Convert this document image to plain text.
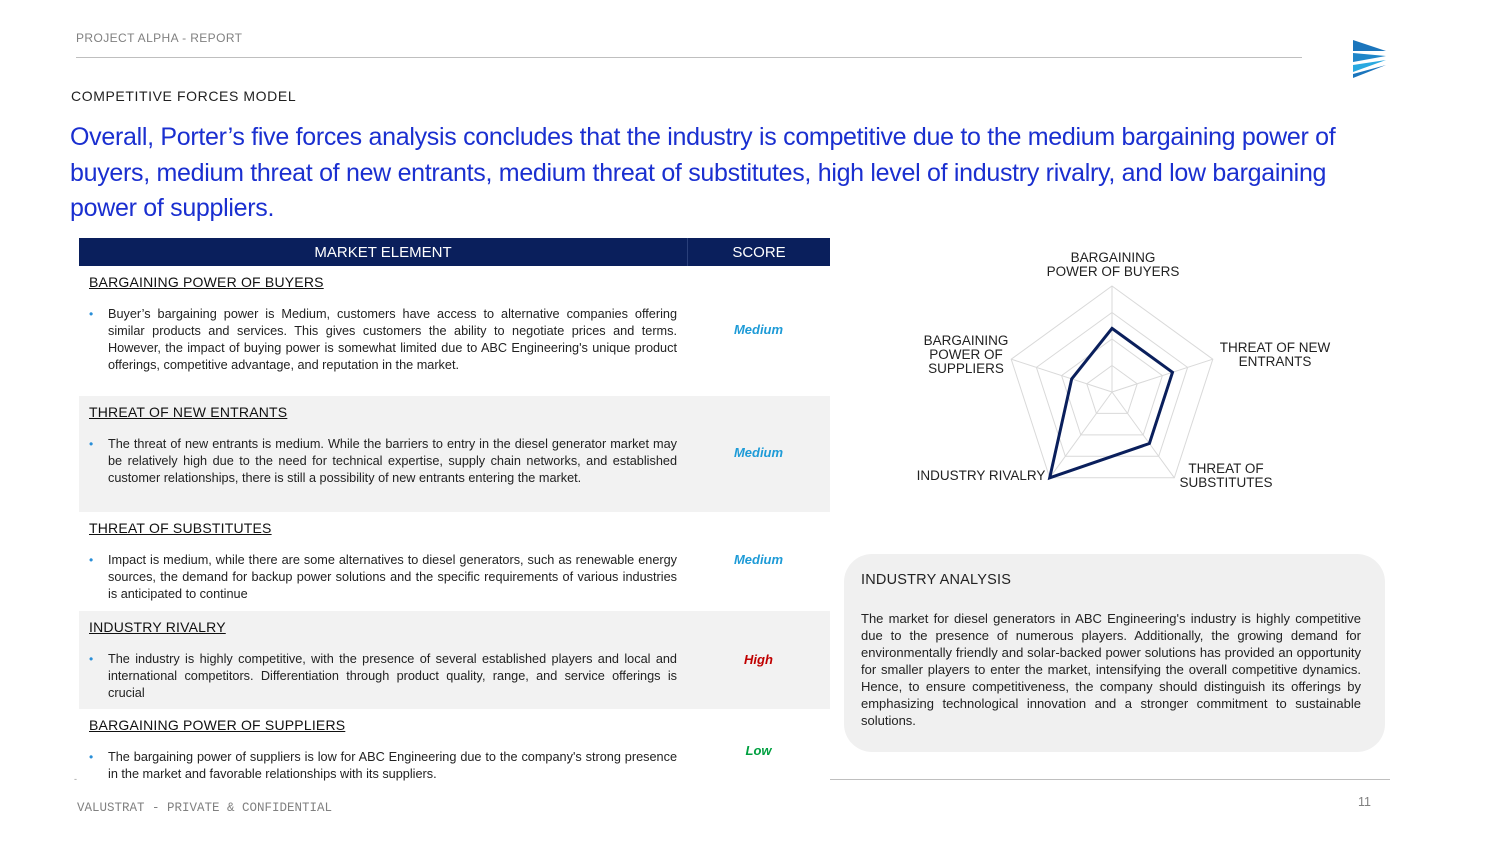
PROJECT ALPHA - REPORT
COMPETITIVE FORCES MODEL
Overall, Porter’s five forces analysis concludes that the industry is competitive due to the medium bargaining power of buyers, medium threat of new entrants, medium threat of substitutes, high level of industry rivalry, and low bargaining power of suppliers.
MARKET ELEMENT	SCORE
BARGAINING POWER OF BUYERS
•	Buyer’s bargaining power is Medium, customers have access to alternative companies offering similar products and services. This gives customers the ability to negotiate prices and terms. However, the impact of buying power is somewhat limited due to ABC Engineering's unique product offerings, competitive advantage, and reputation in the market.
Medium
THREAT OF NEW ENTRANTS
•	The threat of new entrants is medium. While the barriers to entry in the diesel generator market may be relatively high due to the need for technical expertise, supply chain networks, and established customer relationships, there is still a possibility of new entrants entering the market.
Medium
THREAT OF SUBSTITUTES
•	Impact is medium, while there are some alternatives to diesel generators, such as renewable energy sources, the demand for backup power solutions and the specific requirements of various industries is anticipated to continue
Medium
INDUSTRY RIVALRY
•	The industry is highly competitive, with the presence of several established players and local and international competitors. Differentiation through product quality, range, and service offerings is crucial
High
BARGAINING POWER OF SUPPLIERS
•	The bargaining power of suppliers is low for ABC Engineering due to the company's strong presence in the market and favorable relationships with its suppliers.
Low
BARGAINING
POWER OF BUYERS
THREAT OF NEW
ENTRANTS
THREAT OF
SUBSTITUTES
INDUSTRY RIVALRY
BARGAINING
POWER OF
SUPPLIERS
INDUSTRY ANALYSIS
The market for diesel generators in ABC Engineering's industry is highly competitive due to the presence of numerous players. Additionally, the growing demand for environmentally friendly and solar-backed power solutions has provided an opportunity for smaller players to enter the market, intensifying the overall competitive dynamics. Hence, to ensure competitiveness, the company should distinguish its offerings by emphasizing technological innovation and a stronger commitment to sustainable solutions.
-
VALUSTRAT - PRIVATE & CONFIDENTIAL	11
